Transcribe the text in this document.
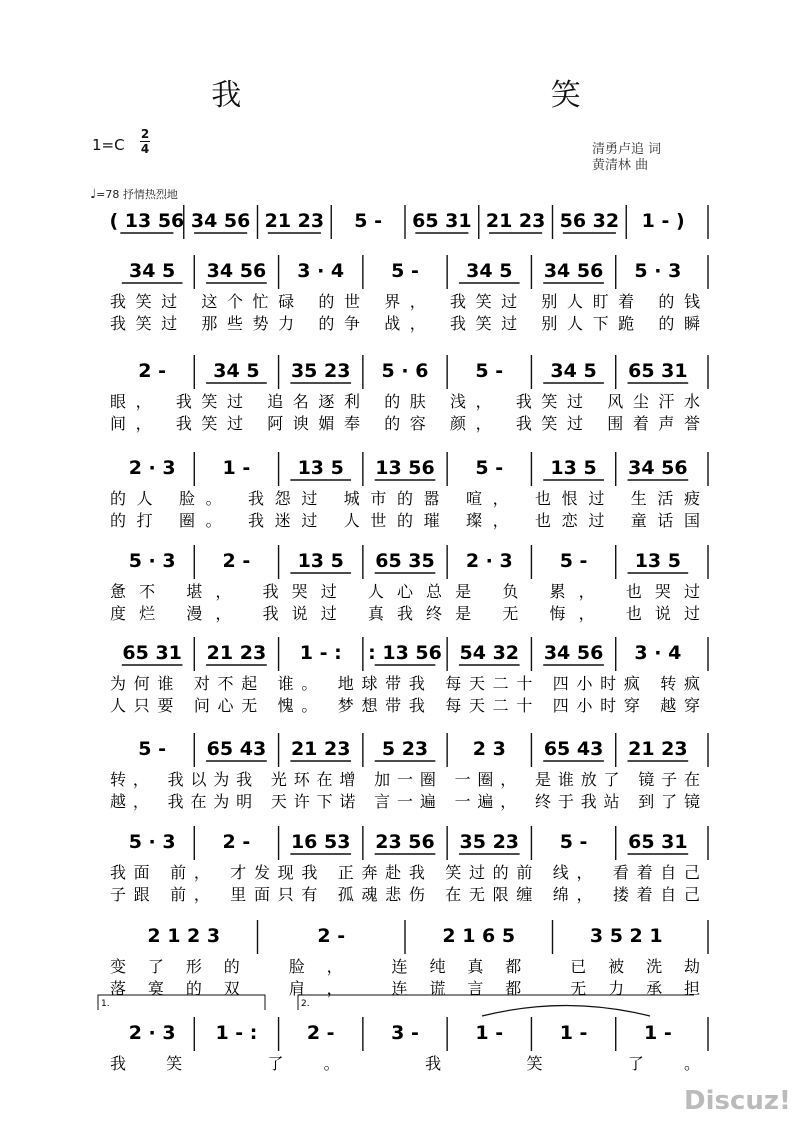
我 笑
1=C
2
4	清勇卢追 词
黄清林 曲
♩=78 抒情热烈地
( 13 56 34 56 21 23 5 - 65 31 21 23 56 32 1 - )
34 5 34 56 3 · 4 5 - 34 5 34 56 5 · 3
我笑过 这个忙碌 的世 界， 我笑过 别人盯着 的钱
我笑过 那些势力 的争 战， 我笑过 别人下跪 的瞬
2 - 34 5 35 23 5 · 6 5 - 34 5 65 31
眼， 我笑过 追名逐利 的肤 浅， 我笑过 风尘汗水
间， 我笑过 阿谀媚奉 的容 颜， 我笑过 围着声誉
2 · 3 1 - 13 5 13 56 5 - 13 5 34 56
的人 脸。 我怨过 城市的嚣 喧， 也恨过 生活疲
的打 圈。 我迷过 人世的璀 璨， 也恋过 童话国
5 · 3 2 - 13 5 65 35 2 · 3 5 - 13 5
惫不 堪， 我哭过 人心总是 负 累， 也哭过
度烂 漫， 我说过 真我终是 无 悔， 也说过
65 31 21 23 1 - : : 13 56 54 32 34 56 3 · 4
为何谁 对不起 谁。 地球带我 每天二十 四小时疯 转疯
人只要 问心无 愧。 梦想带我 每天二十 四小时穿 越穿
5 - 65 43 21 23 5 23 2 3 65 43 21 23
转， 我以为我 光环在增 加一圈 一圈， 是谁放了 镜子在
越， 我在为明 天许下诺 言一遍 一遍， 终于我站 到了镜
5 · 3 2 - 16 53 23 56 35 23 5 - 65 31
我面 前， 才发现我 正奔赴我 笑过的前 线， 看着自己
子跟 前， 里面只有 孤魂悲伤 在无限缠 绵， 搂着自己
2 1 2 3	2 -	2 1 6 5	3 5 2 1
变了形的 脸， 连纯真都 已被洗劫
落寞的双 肩， 连谎言都 无力承担
2 · 3 1 - :	2 -	3 -	1 -	1 -	1 -
我笑 了。 我 笑 了。
1.	2.
Discuz!
